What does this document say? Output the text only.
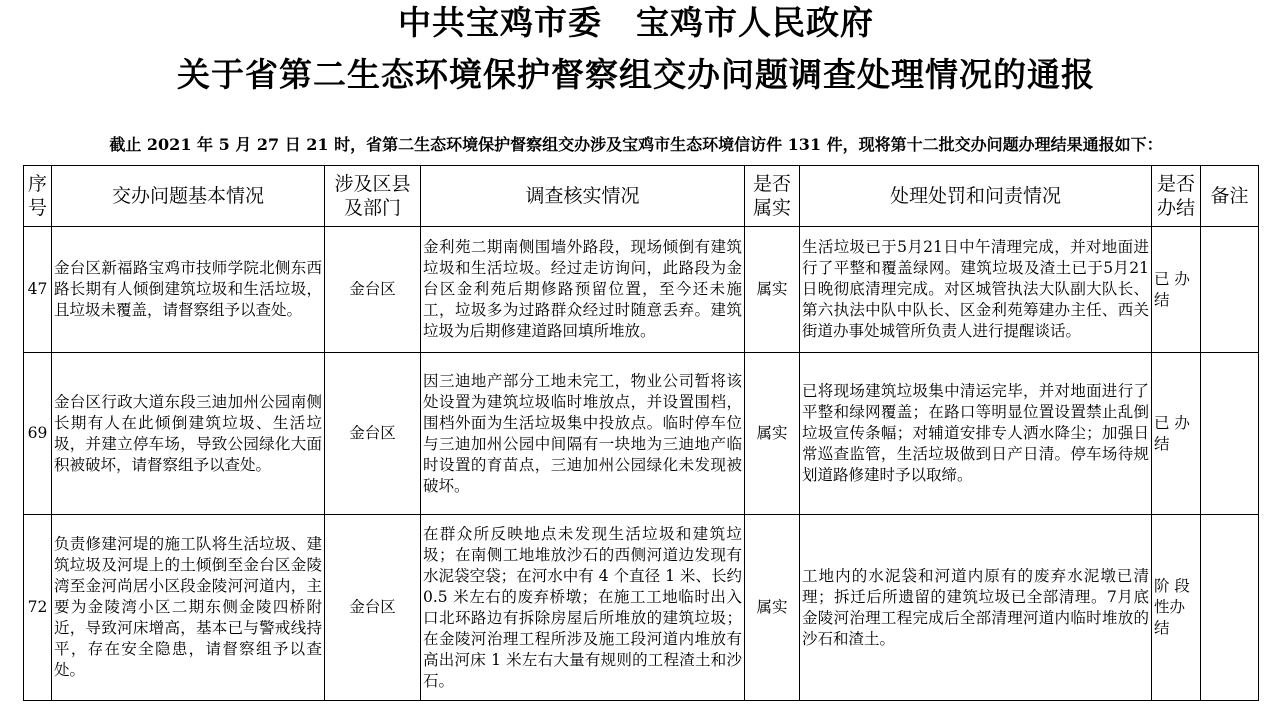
中共宝鸡市委　宝鸡市人民政府
关于省第二生态环境保护督察组交办问题调查处理情况的通报
截止 2021 年 5 月 27 日 21 时，省第二生态环境保护督察组交办涉及宝鸡市生态环境信访件 131 件，现将第十二批交办问题办理结果通报如下：
序号	交办问题基本情况	涉及区县及部门	调查核实情况	是否属实	处理处罚和问责情况	是否办结	备注
47	金台区新福路宝鸡市技师学院北侧东西路长期有人倾倒建筑垃圾和生活垃圾，且垃圾未覆盖，请督察组予以查处。	金台区	金利苑二期南侧围墙外路段，现场倾倒有建筑垃圾和生活垃圾。经过走访询问，此路段为金台区金利苑后期修路预留位置，至今还未施工，垃圾多为过路群众经过时随意丢弃。建筑垃圾为后期修建道路回填所堆放。	属实	生活垃圾已于5月21日中午清理完成，并对地面进行了平整和覆盖绿网。建筑垃圾及渣土已于5月21日晚彻底清理完成。对区城管执法大队副大队长、第六执法中队中队长、区金利苑筹建办主任、西关街道办事处城管所负责人进行提醒谈话。	已 办结	
69	金台区行政大道东段三迪加州公园南侧长期有人在此倾倒建筑垃圾、生活垃圾，并建立停车场，导致公园绿化大面积被破坏，请督察组予以查处。	金台区	因三迪地产部分工地未完工，物业公司暂将该处设置为建筑垃圾临时堆放点，并设置围档，围档外面为生活垃圾集中投放点。临时停车位与三迪加州公园中间隔有一块地为三迪地产临时设置的育苗点，三迪加州公园绿化未发现被破坏。	属实	已将现场建筑垃圾集中清运完毕，并对地面进行了平整和绿网覆盖；在路口等明显位置设置禁止乱倒垃圾宣传条幅；对辅道安排专人洒水降尘；加强日常巡查监管，生活垃圾做到日产日清。停车场待规划道路修建时予以取缔。	已 办结	
72	负责修建河堤的施工队将生活垃圾、建筑垃圾及河堤上的土倾倒至金台区金陵湾至金河尚居小区段金陵河河道内，主要为金陵湾小区二期东侧金陵四桥附近，导致河床增高，基本已与警戒线持平，存在安全隐患，请督察组予以查处。	金台区	在群众所反映地点未发现生活垃圾和建筑垃圾；在南侧工地堆放沙石的西侧河道边发现有水泥袋空袋；在河水中有 4 个直径 1 米、长约 0.5 米左右的废弃桥墩；在施工工地临时出入口北环路边有拆除房屋后所堆放的建筑垃圾；在金陵河治理工程所涉及施工段河道内堆放有高出河床 1 米左右大量有规则的工程渣土和沙石。	属实	工地内的水泥袋和河道内原有的废弃水泥墩已清理；拆迁后所遗留的建筑垃圾已全部清理。7月底金陵河治理工程完成后全部清理河道内临时堆放的沙石和渣土。	阶 段性办结	
